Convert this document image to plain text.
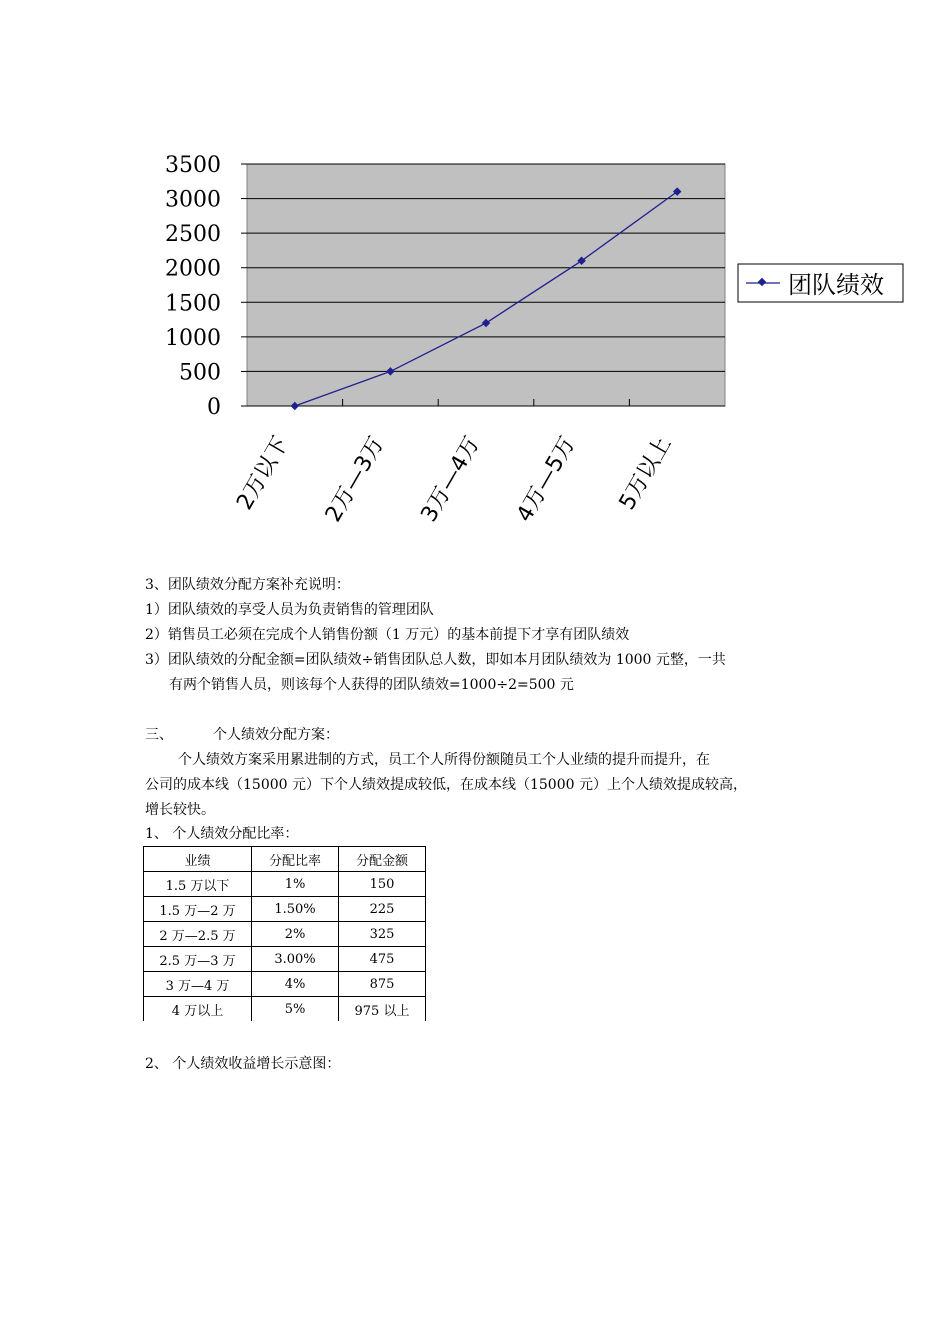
0
500
1000
1500
2000
2500
3000
3500
2万以下 2万—3万 3万—4万 4万—5万 5万以上
团队绩效
3、团队绩效分配方案补充说明：
1）团队绩效的享受人员为负责销售的管理团队
2）销售员工必须在完成个人销售份额（1 万元）的基本前提下才享有团队绩效
3）团队绩效的分配金额=团队绩效÷销售团队总人数，即如本月团队绩效为 1000 元整，一共
有两个销售人员，则该每个人获得的团队绩效=1000÷2=500 元
三、	个人绩效分配方案：
个人绩效方案采用累进制的方式，员工个人所得份额随员工个人业绩的提升而提升，在
公司的成本线（15000 元）下个人绩效提成较低，在成本线（15000 元）上个人绩效提成较高，
增长较快。
1、 个人绩效分配比率：
业绩	分配比率	分配金额
1.5 万以下	1%	150
1.5 万—2 万	1.50%	225
2 万—2.5 万	2%	325
2.5 万—3 万	3.00%	475
3 万—4 万	4%	875
4 万以上	5%	975 以上
2、 个人绩效收益增长示意图：
